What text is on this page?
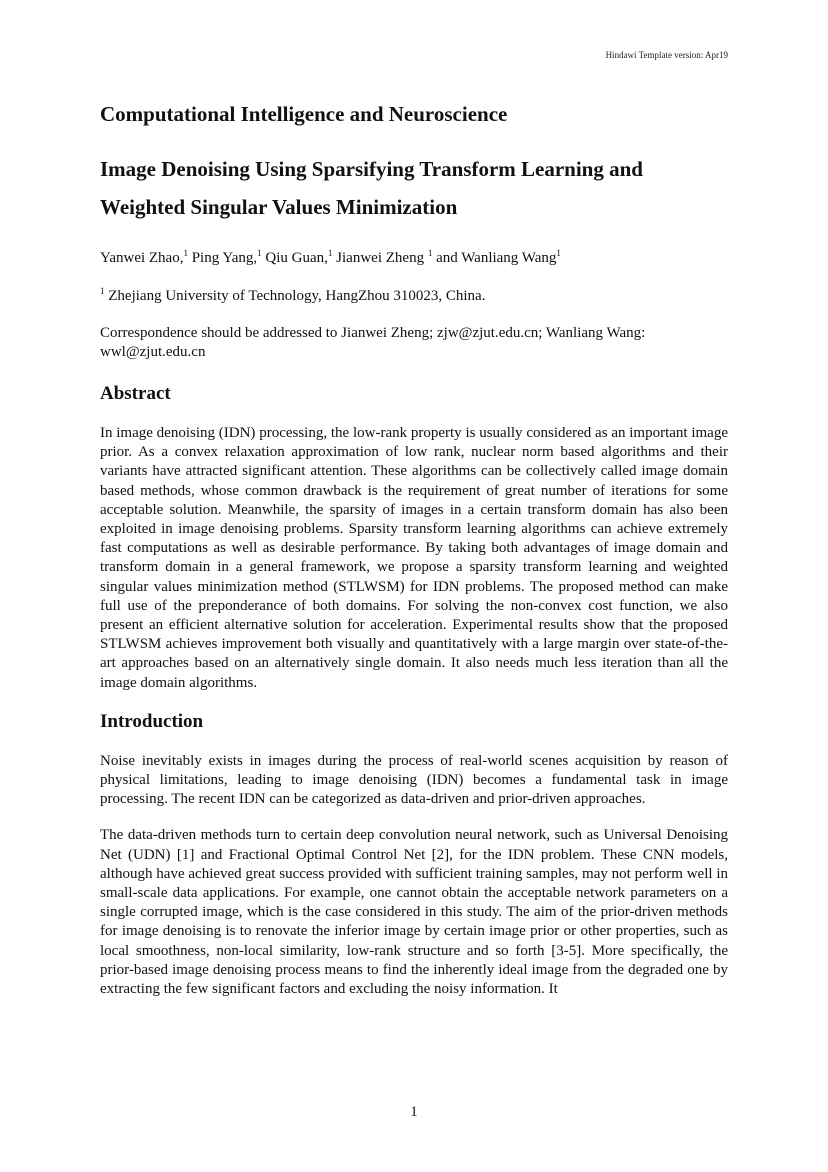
Hindawi Template version: Apr19
Computational Intelligence and Neuroscience
Image Denoising Using Sparsifying Transform Learning and Weighted Singular Values Minimization
Yanwei Zhao,$^1$ Ping Yang,$^1$ Qiu Guan,$^1$ Jianwei Zheng $^1$ and Wanliang Wang$^1$
$^1$ Zhejiang University of Technology, HangZhou 310023, China.
Correspondence should be addressed to Jianwei Zheng; zjw@zjut.edu.cn; Wanliang Wang: wwl@zjut.edu.cn
Abstract

In image denoising (IDN) processing, the low-rank property is usually considered as an important image prior. As a convex relaxation approximation of low rank, nuclear norm based algorithms and their variants have attracted significant attention. These algorithms can be collectively called image domain based methods, whose common drawback is the requirement of great number of iterations for some acceptable solution. Meanwhile, the sparsity of images in a certain transform domain has also been exploited in image denoising problems. Sparsity transform learning algorithms can achieve extremely fast computations as well as desirable performance. By taking both advantages of image domain and transform domain in a general framework, we propose a sparsity transform learning and weighted singular values minimization method (STLWSM) for IDN problems. The proposed method can make full use of the preponderance of both domains. For solving the non-convex cost function, we also present an efficient alternative solution for acceleration. Experimental results show that the proposed STLWSM achieves improvement both visually and quantitatively with a large margin over state-of-the-art approaches based on an alternatively single domain. It also needs much less iteration than all the image domain algorithms.

Introduction

Noise inevitably exists in images during the process of real-world scenes acquisition by reason of physical limitations, leading to image denoising (IDN) becomes a fundamental task in image processing. The recent IDN can be categorized as data-driven and prior-driven approaches.

The data-driven methods turn to certain deep convolution neural network, such as Universal Denoising Net (UDN) [1] and Fractional Optimal Control Net [2], for the IDN problem. These CNN models, although have achieved great success provided with sufficient training samples, may not perform well in small-scale data applications. For example, one cannot obtain the acceptable network parameters on a single corrupted image, which is the case considered in this study. The aim of the prior-driven methods for image denoising is to renovate the inferior image by certain image prior or other properties, such as local smoothness, non-local similarity, low-rank structure and so forth [3-5]. More specifically, the prior-based image denoising process means to find the inherently ideal image from the degraded one by extracting the few significant factors and excluding the noisy information. It

1
